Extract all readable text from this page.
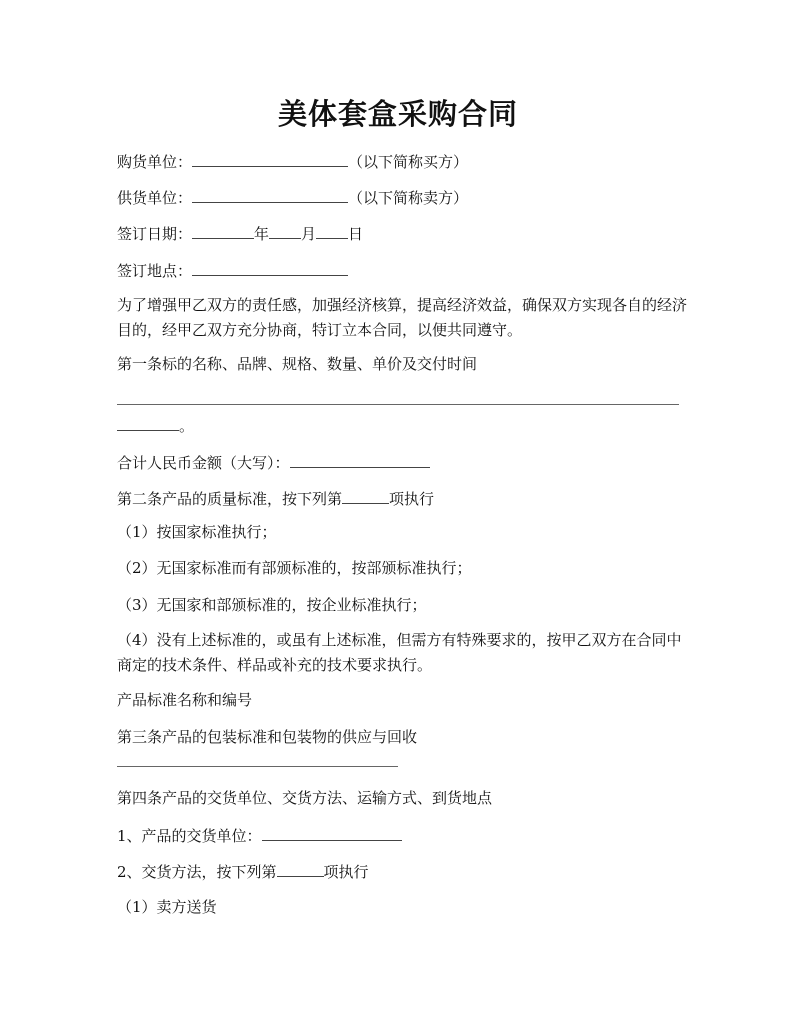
美体套盒采购合同
购货单位：	（以下简称买方）
供货单位：	（以下简称卖方）
签订日期：	年 月 日
签订地点：
为了增强甲乙双方的责任感，加强经济核算，提高经济效益，确保双方实现各自的经济目的，经甲乙双方充分协商，特订立本合同，以便共同遵守。
第一条标的名称、品牌、规格、数量、单价及交付时间
。
合计人民币金额（大写）：
第二条产品的质量标准，按下列第	项执行
（1）按国家标准执行；
（2）无国家标准而有部颁标准的，按部颁标准执行；
（3）无国家和部颁标准的，按企业标准执行；
（4）没有上述标准的，或虽有上述标准，但需方有特殊要求的，按甲乙双方在合同中商定的技术条件、样品或补充的技术要求执行。
产品标准名称和编号
第三条产品的包装标准和包装物的供应与回收
第四条产品的交货单位、交货方法、运输方式、到货地点
1、产品的交货单位：
2、交货方法，按下列第	项执行
（1）卖方送货
